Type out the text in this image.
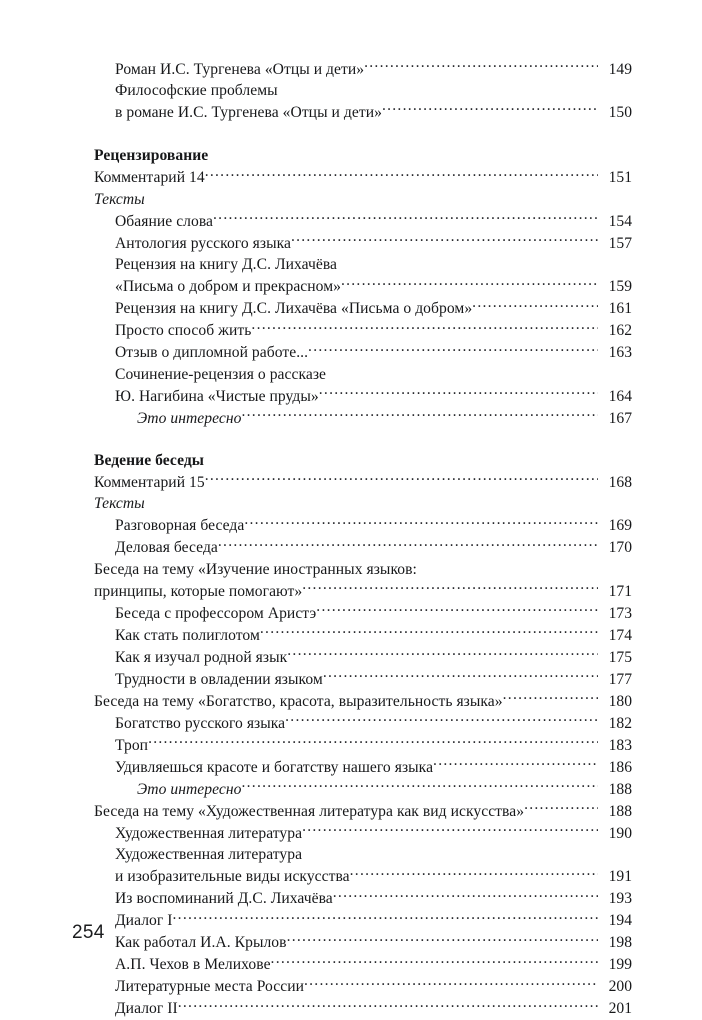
Роман И.С. Тургенева «Отцы и дети» .....	149
Философские проблемы
в романе И.С. Тургенева «Отцы и дети» .....	150
Рецензирование
Комментарий 14 .....	151
Тексты
Обаяние слова .....	154
Антология русского языка .....	157
Рецензия на книгу Д.С. Лихачёва
«Письма о добром и прекрасном» .....	159
Рецензия на книгу Д.С. Лихачёва «Письма о добром» .....	161
Просто способ жить .....	162
Отзыв о дипломной работе... .....	163
Сочинение-рецензия о рассказе
Ю. Нагибина «Чистые пруды» .....	164
Это интересно .....	167
Ведение беседы
Комментарий 15 .....	168
Тексты
Разговорная беседа .....	169
Деловая беседа .....	170
Беседа на тему «Изучение иностранных языков:
принципы, которые помогают» .....	171
Беседа с профессором Аристэ .....	173
Как стать полиглотом .....	174
Как я изучал родной язык .....	175
Трудности в овладении языком .....	177
Беседа на тему «Богатство, красота, выразительность языка» .....	180
Богатство русского языка .....	182
Троп .....	183
Удивляешься красоте и богатству нашего языка .....	186
Это интересно .....	188
Беседа на тему «Художественная литература как вид искусства» .....	188
Художественная литература .....	190
Художественная литература
и изобразительные виды искусства .....	191
Из воспоминаний Д.С. Лихачёва .....	193
Диалог I .....	194
Как работал И.А. Крылов .....	198
А.П. Чехов в Мелихове .....	199
Литературные места России .....	200
Диалог II .....	201
254
